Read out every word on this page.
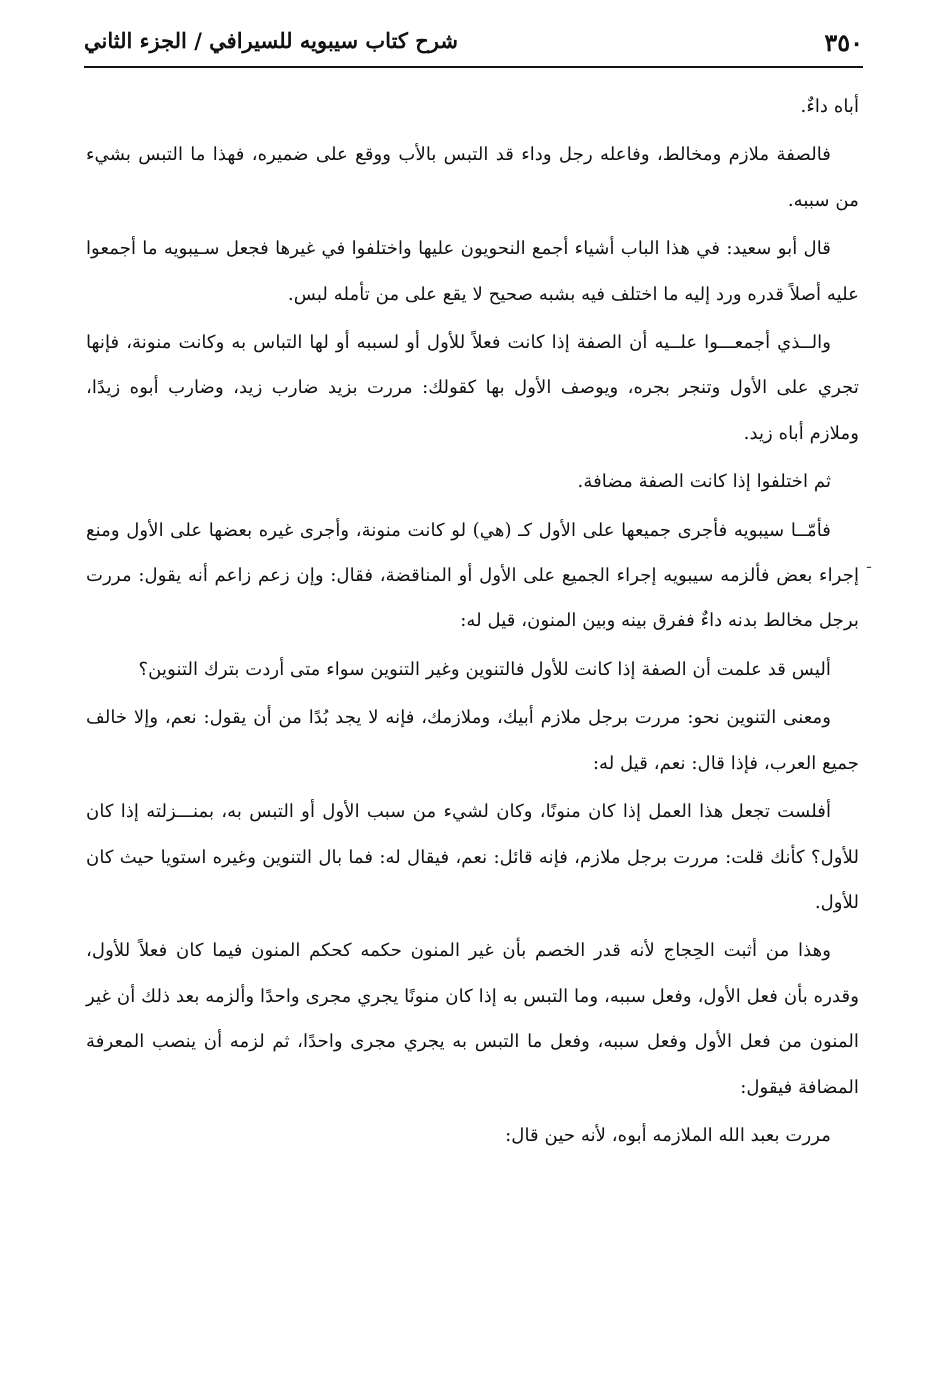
٣٥٠
شرح كتاب سيبويه للسيرافي / الجزء الثاني

أباه داءٌ.

فالصفة ملازم ومخالط، وفاعله رجل وداء قد التبس بالأب ووقع على ضميره، فهذا ما التبس بشيء من سببه.

قال أبو سعيد: في هذا الباب أشياء أجمع النحويون عليها واختلفوا في غيرها فجعل سـيبويه ما أجمعوا عليه أصلاً قدره ورد إليه ما اختلف فيه بشبه صحيح لا يقع على من تأمله لبس.

والــذي أجمعـــوا علــيه أن الصفة إذا كانت فعلاً للأول أو لسببه أو لها التباس به وكانت منونة، فإنها تجري على الأول وتنجر بجره، ويوصف الأول بها كقولك: مررت بزيد ضارب زيد، وضارب أبوه زيدًا، وملازم أباه زيد.

ثم اختلفوا إذا كانت الصفة مضافة.

فأمّــا سيبويه فأجرى جميعها على الأول كـ (هي) لو كانت منونة، وأجرى غيره بعضها على الأول ومنع إجراء بعض فألزمه سيبويه إجراء الجميع على الأول أو المناقضة، فقال: وإن زعم زاعم أنه يقول: مررت برجل مخالط بدنه داءٌ ففرق بينه وبين المنون، قيل له:

أليس قد علمت أن الصفة إذا كانت للأول فالتنوين وغير التنوين سواء متى أردت بترك التنوين؟

ومعنى التنوين نحو: مررت برجل ملازم أبيك، وملازمك، فإنه لا يجد بُدًا من أن يقول: نعم، وإلا خالف جميع العرب، فإذا قال: نعم، قيل له:

أفلست تجعل هذا العمل إذا كان منونًا، وكان لشيء من سبب الأول أو التبس به، بمنـــزلته إذا كان للأول؟ كأنك قلت: مررت برجل ملازم، فإنه قائل: نعم، فيقال له: فما بال التنوين وغيره استويا حيث كان للأول.

وهذا من أثبت الحِجاج لأنه قدر الخصم بأن غير المنون حكمه كحكم المنون فيما كان فعلاً للأول، وقدره بأن فعل الأول، وفعل سببه، وما التبس به إذا كان منونًا يجري مجرى واحدًا وألزمه بعد ذلك أن غير المنون من فعل الأول وفعل سببه، وفعل ما التبس به يجري مجرى واحدًا، ثم لزمه أن ينصب المعرفة المضافة فيقول:

مررت بعبد الله الملازمه أبوه، لأنه حين قال:

ـ
